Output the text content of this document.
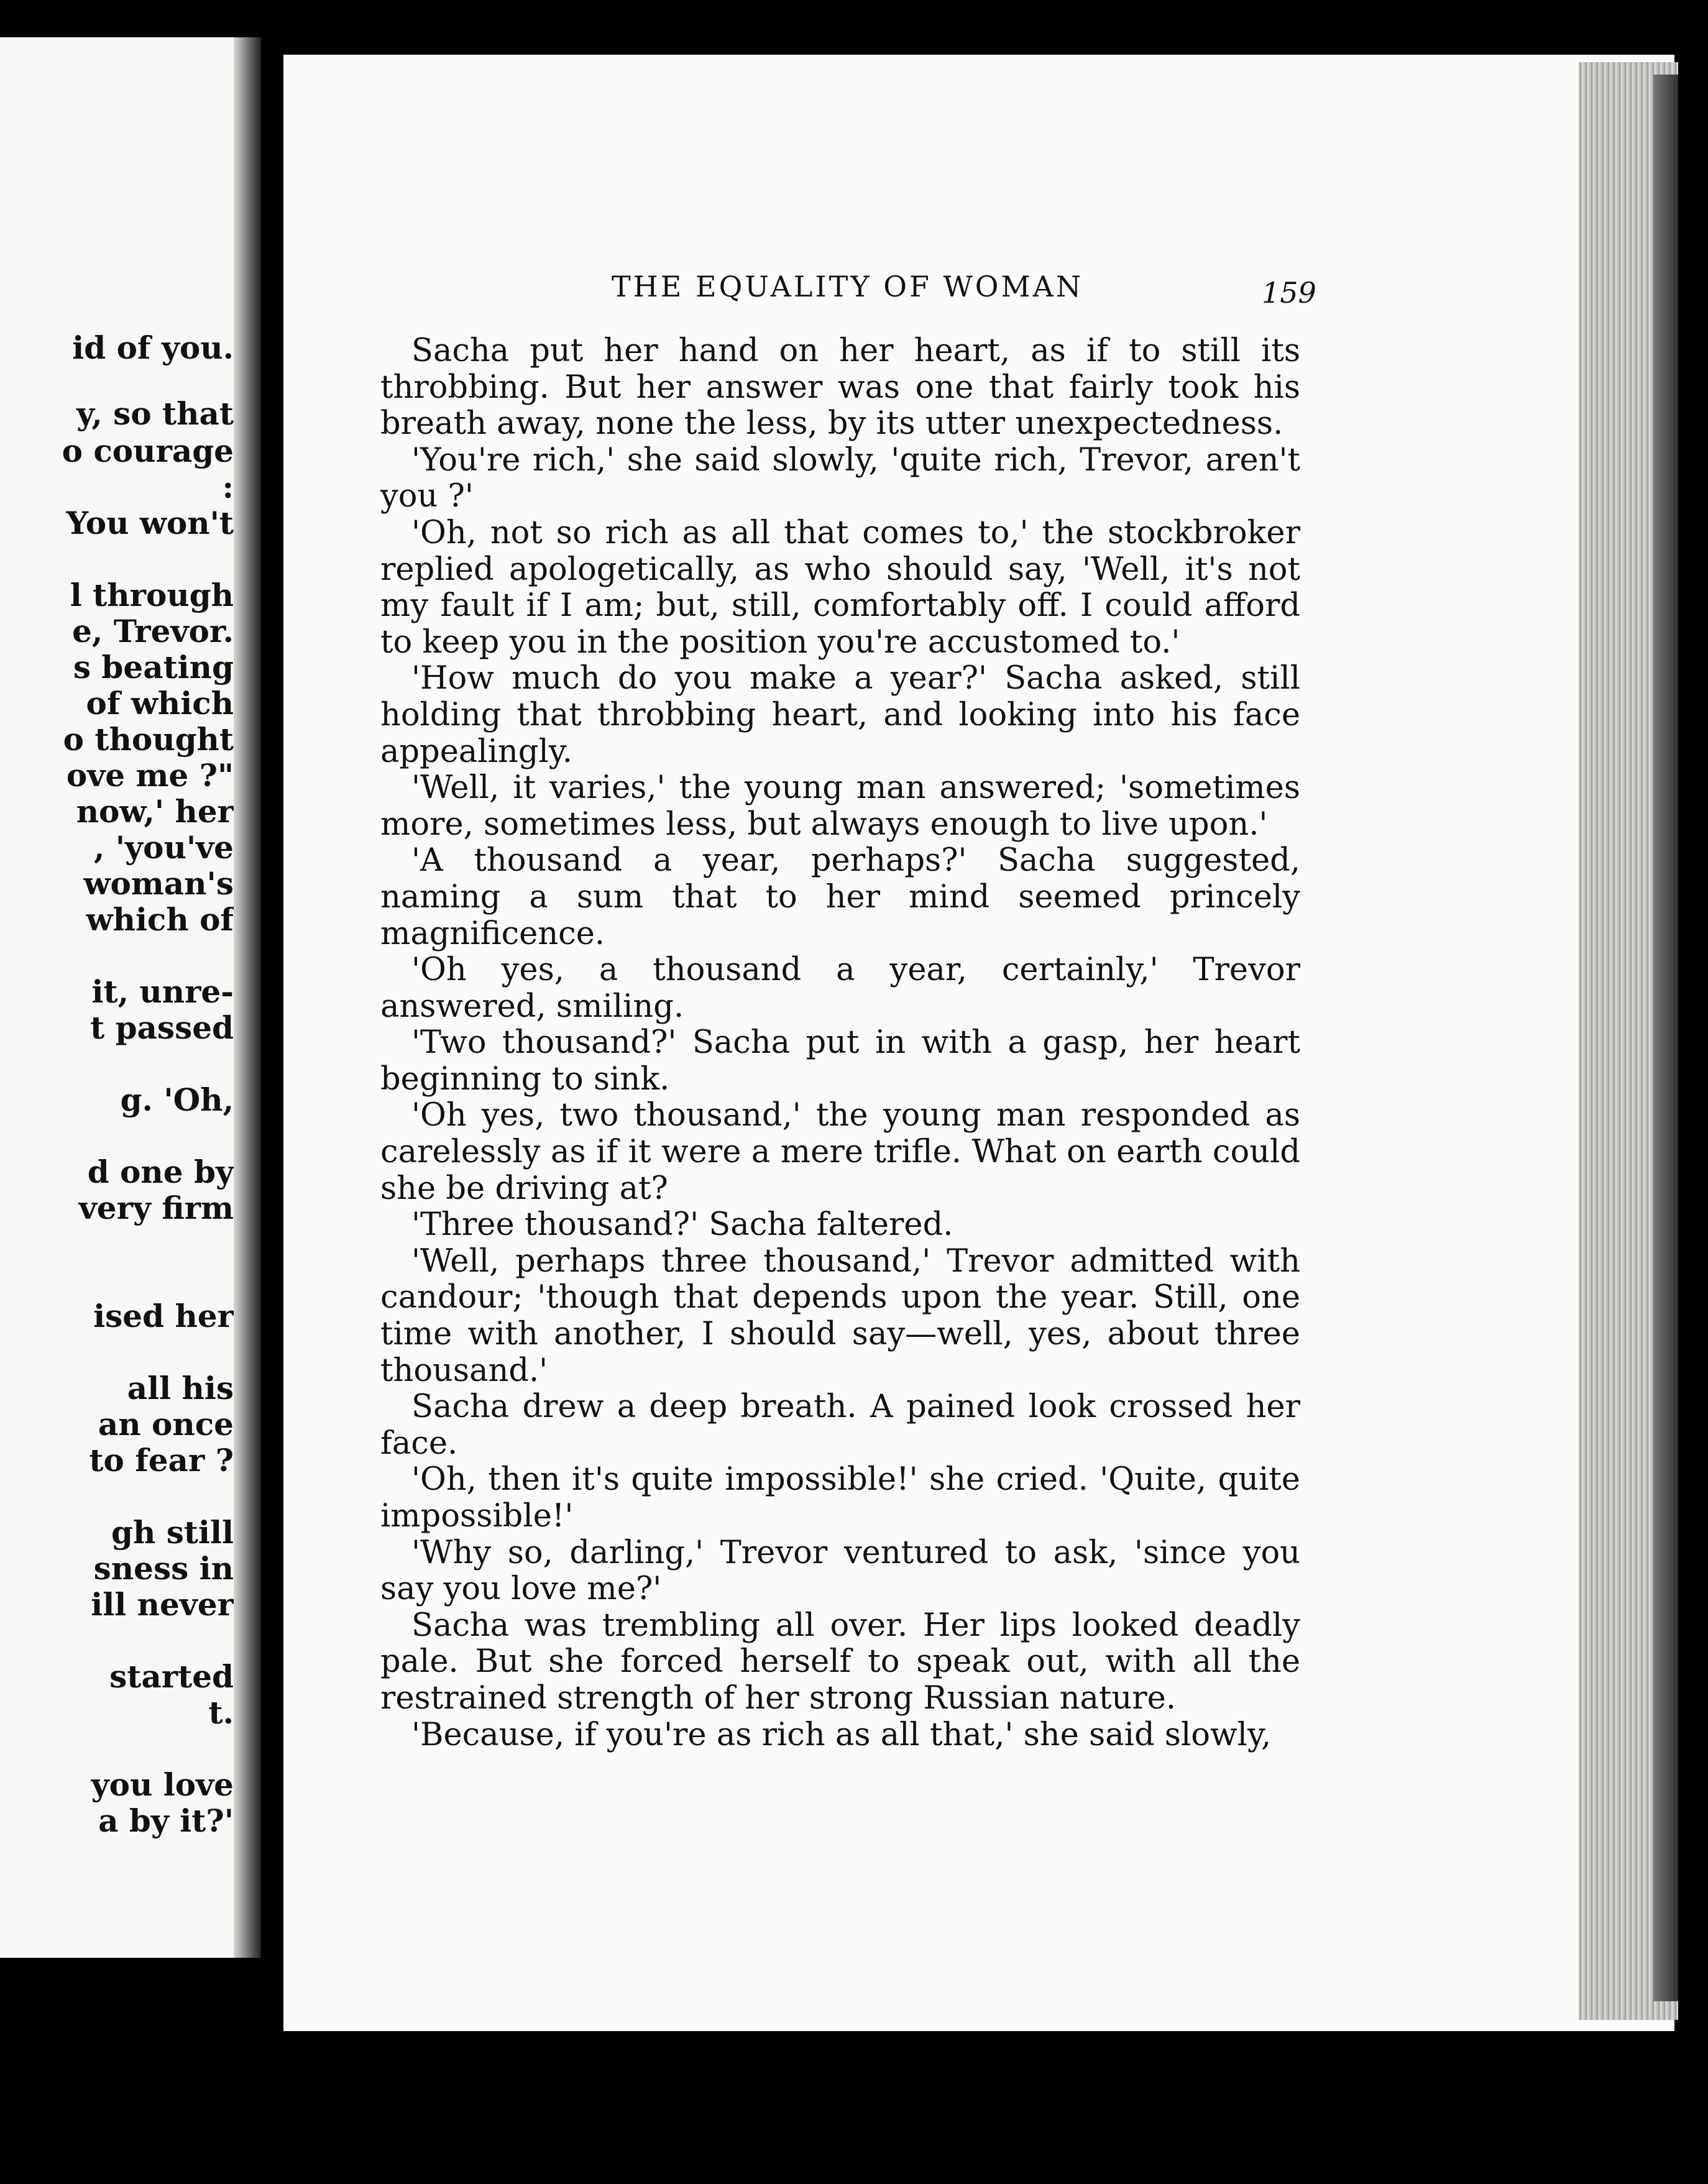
id of you.
y, so that
o courage
:
You won't
l through
e, Trevor.
s beating
of which
o thought
ove me ?"
now,' her
, 'you've
woman's
which of
it, unre-
t passed
g. 'Oh,
d one by
very firm
ised her
all his
an once
to fear ?
gh still
sness in
ill never
started
t.
you love
a by it?'
THE EQUALITY OF WOMAN	159

Sacha put her hand on her heart, as if to still its throbbing. But her answer was one that fairly took his breath away, none the less, by its utter unexpectedness.

'You're rich,' she said slowly, 'quite rich, Trevor, aren't you ?'

'Oh, not so rich as all that comes to,' the stockbroker replied apologetically, as who should say, 'Well, it's not my fault if I am; but, still, comfortably off. I could afford to keep you in the position you're accustomed to.'

'How much do you make a year?' Sacha asked, still holding that throbbing heart, and looking into his face appealingly.

'Well, it varies,' the young man answered; 'sometimes more, sometimes less, but always enough to live upon.'

'A thousand a year, perhaps?' Sacha suggested, naming a sum that to her mind seemed princely magnificence.

'Oh yes, a thousand a year, certainly,' Trevor answered, smiling.

'Two thousand?' Sacha put in with a gasp, her heart beginning to sink.

'Oh yes, two thousand,' the young man responded as carelessly as if it were a mere trifle. What on earth could she be driving at?

'Three thousand?' Sacha faltered.

'Well, perhaps three thousand,' Trevor admitted with candour; 'though that depends upon the year. Still, one time with another, I should say—well, yes, about three thousand.'

Sacha drew a deep breath. A pained look crossed her face.

'Oh, then it's quite impossible!' she cried. 'Quite, quite impossible!'

'Why so, darling,' Trevor ventured to ask, 'since you say you love me?'

Sacha was trembling all over. Her lips looked deadly pale. But she forced herself to speak out, with all the restrained strength of her strong Russian nature.

'Because, if you're as rich as all that,' she said slowly,
